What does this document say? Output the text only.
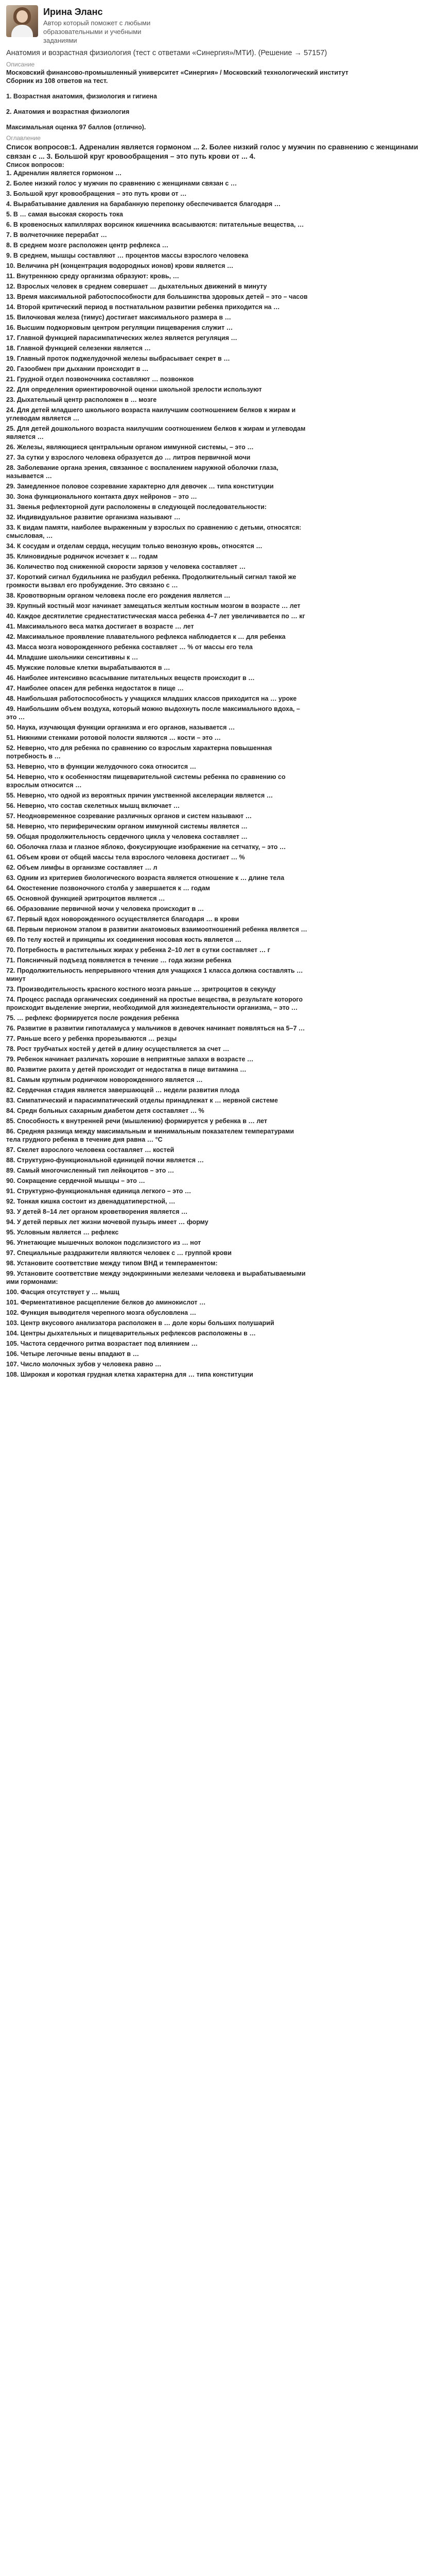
Ирина Эланс
Автор который поможет с любыми образовательными и учебными заданиями
Анатомия и возрастная физиология (тест с ответами «Синергия»/МТИ). (Решение → 57157)
Описание

Московский финансово-промышленный университет «Синергия» / Московский технологический институт

Сборник из 108 ответов на тест.

1. Возрастная анатомия, физиология и гигиена

2. Анатомия и возрастная физиология

Максимальная оценка 97 баллов (отлично).

Оглавление

Список вопросов:1. Адреналин является гормоном ... 2. Более низкий голос у мужчин по сравнению с женщинами связан с ... 3. Большой круг кровообращения – это путь крови от ... 4.

Список вопросов:

1. Адреналин является гормоном …
2. Более низкий голос у мужчин по сравнению с женщинами связан с …
3. Большой круг кровообращения – это путь крови от …
4. Вырабатывание давления на барабанную перепонку обеспечивается благодаря …
5. В … самая высокая скорость тока
6. В кровеносных капиллярах ворсинок кишечника всасываются: питательные вещества, …
7. В волчеточнике перерабат …
8. В среднем мозге расположен центр рефлекса …
9. В среднем, мышцы составляют … процентов массы взрослого человека
10. Величина pH (концентрация водородных ионов) крови является …
11. Внутреннюю среду организма образуют: кровь, …
12. Взрослых человек в среднем совершает … дыхательных движений в минуту
13. Время максимальной работоспособности для большинства здоровых детей – это – часов
14. Второй критический период в постнатальном развитии ребенка приходится на …
15. Вилочковая железа (тимус) достигает максимального размера в …
16. Высшим подкорковым центром регуляции пищеварения служит …
17. Главной функцией парасимпатических желез является регуляция …
18. Главной функцией селезенки является …
19. Главный проток поджелудочной железы выбрасывает секрет в …
20. Газообмен при дыхании происходит в …
21. Грудной отдел позвоночника составляют … позвонков
22. Для определения ориентировочной оценки школьной зрелости используют
23. Дыхательный центр расположен в … мозге
24. Для детей младшего школьного возраста наилучшим соотношением белков к жирам и углеводам является …
25. Для детей дошкольного возраста наилучшим соотношением белков к жирам и углеводам является …
26. Железы, являющиеся центральным органом иммунной системы, – это …
27. За сутки у взрослого человека образуется до … литров первичной мочи
28. Заболевание органа зрения, связанное с воспалением наружной оболочки глаза, называется …
29. Замедленное половое созревание характерно для девочек … типа конституции
30. Зона функционального контакта двух нейронов – это …
31. Звенья рефлекторной дуги расположены в следующей последовательности:
32. Индивидуальное развитие организма называют …
33. К видам памяти, наиболее выраженным у взрослых по сравнению с детьми, относятся: смысловая, …
34. К сосудам и отделам сердца, несущим только венозную кровь, относятся …
35. Клиновидные родничок исчезает к … годам
36. Количество под сниженной скорости зарязов у человека составляет …
37. Короткий сигнал будильника не разбудил ребенка. Продолжительный сигнал такой же громкости вызвал его пробуждение. Это связано с …
38. Кровотворным органом человека после его рождения является …
39. Крупный костный мозг начинает замещаться желтым костным мозгом в возрасте … лет
40. Каждое десятилетие среднестатистическая масса ребенка 4–7 лет увеличивается по … кг
41. Максимального веса матка достигает в возрасте … лет
42. Максимальное проявление плавательного рефлекса наблюдается к … для ребенка
43. Масса мозга новорожденного ребенка составляет … % от массы его тела
44. Младшие школьники сенситивны к …
45. Мужские половые клетки вырабатываются в …
46. Наиболее интенсивно всасывание питательных веществ происходит в …
47. Наиболее опасен для ребенка недостаток в пище …
48. Наибольшая работоспособность у учащихся младших классов приходится на … уроке
49. Наибольшим объем воздуха, который можно выдохнуть после максимального вдоха, – это …
50. Наука, изучающая функции организма и его органов, называется …
51. Нижними стенками ротовой полости являются … кости – это …
52. Неверно, что для ребенка по сравнению со взрослым характерна повышенная потребность в …
53. Неверно, что в функции желудочного сока относится …
54. Неверно, что к особенностям пищеварительной системы ребенка по сравнению со взрослым относится …
55. Неверно, что одной из вероятных причин умственной акселерации является …
56. Неверно, что состав скелетных мышц включает …
57. Неодновременное созревание различных органов и систем называют …
58. Неверно, что периферическим органом иммунной системы является …
59. Общая продолжительность сердечного цикла у человека составляет …
60. Оболочка глаза и глазное яблоко, фокусирующие изображение на сетчатку, – это …
61. Объем крови от общей массы тела взрослого человека достигает … %
62. Объем лимфы в организме составляет … л
63. Одним из критериев биологического возраста является отношение к … длине тела
64. Окостенение позвоночного столба у завершается к … годам
65. Основной функцией эритроцитов является …
66. Образование первичной мочи у человека происходит в …
67. Первый вдох новорожденного осуществляется благодаря … в крови
68. Первым перионом этапом в развитии анатомовых взаимоотношений ребенка является …
69. По телу костей и принципы их соединения носовая кость является …
70. Потребность в растительных жирах у ребенка 2–10 лет в сутки составляет … г
71. Поясничный подъезд появляется в течение … года жизни ребенка
72. Продолжительность непрерывного чтения для учащихся 1 класса должна составлять … минут
73. Производительность красного костного мозга раньше … зритроцитов в секунду
74. Процесс распада органических соединений на простые вещества, в результате которого происходит выделение энергии, необходимой для жизнедеятельности организма, – это …
75. … рефлекс формируется после рождения ребенка
76. Развитие в развитии гипоталамуса у мальчиков в девочек начинает появляться на 5–7 …
77. Раньше всего у ребенка прорезываются … резцы
78. Рост трубчатых костей у детей в длину осуществляется за счет …
79. Ребенок начинает различать хорошие в неприятные запахи в возрасте …
80. Развитие рахита у детей происходит от недостатка в пище витамина …
81. Самым крупным родничком новорожденного является …
82. Сердечная стадия является завершающей … недели развития плода
83. Симпатический и парасимпатический отделы принадлежат к … нервной системе
84. Средн больных сахарным диабетом детя составляет … %
85. Способность к внутренней речи (мышлению) формируется у ребенка в … лет
86. Средняя разница между максимальным и минимальным показателем температурами тела грудного ребенка в течение дня равна … °С
87. Скелет взрослого человека составляет … костей
88. Структурно-функциональной единицей почки является …
89. Самый многочисленный тип лейкоцитов – это …
90. Сокращение сердечной мышцы – это …
91. Структурно-функциональная единица легкого – это …
92. Тонкая кишка состоит из двенадцатиперстной, …
93. У детей 8–14 лет органом кроветворения является …
94. У детей первых лет жизни мочевой пузырь имеет … форму
95. Условным является … рефлекс
96. Угнетающие мышечных волокон подслизистого из … нот
97. Специальные раздражители являются человек с … группой крови
98. Установите соответствие между типом ВНД и темпераментом:
99. Установите соответствие между эндокринными железами человека и вырабатываемыми ими гормонами:
100. Фасция отсутствует у … мышц
101. Ферментативное расщепление белков до аминокислот …
102. Функция выводителя черепного мозга обусловлена …
103. Центр вкусового анализатора расположен в … доле коры больших полушарий
104. Центры дыхательных и пищеварительных рефлексов расположены в …
105. Частота сердечного ритма возрастает под влиянием …
106. Четыре легочные вены впадают в …
107. Число молочных зубов у человека равно …
108. Широкая и короткая грудная клетка характерна для … типа конституции
